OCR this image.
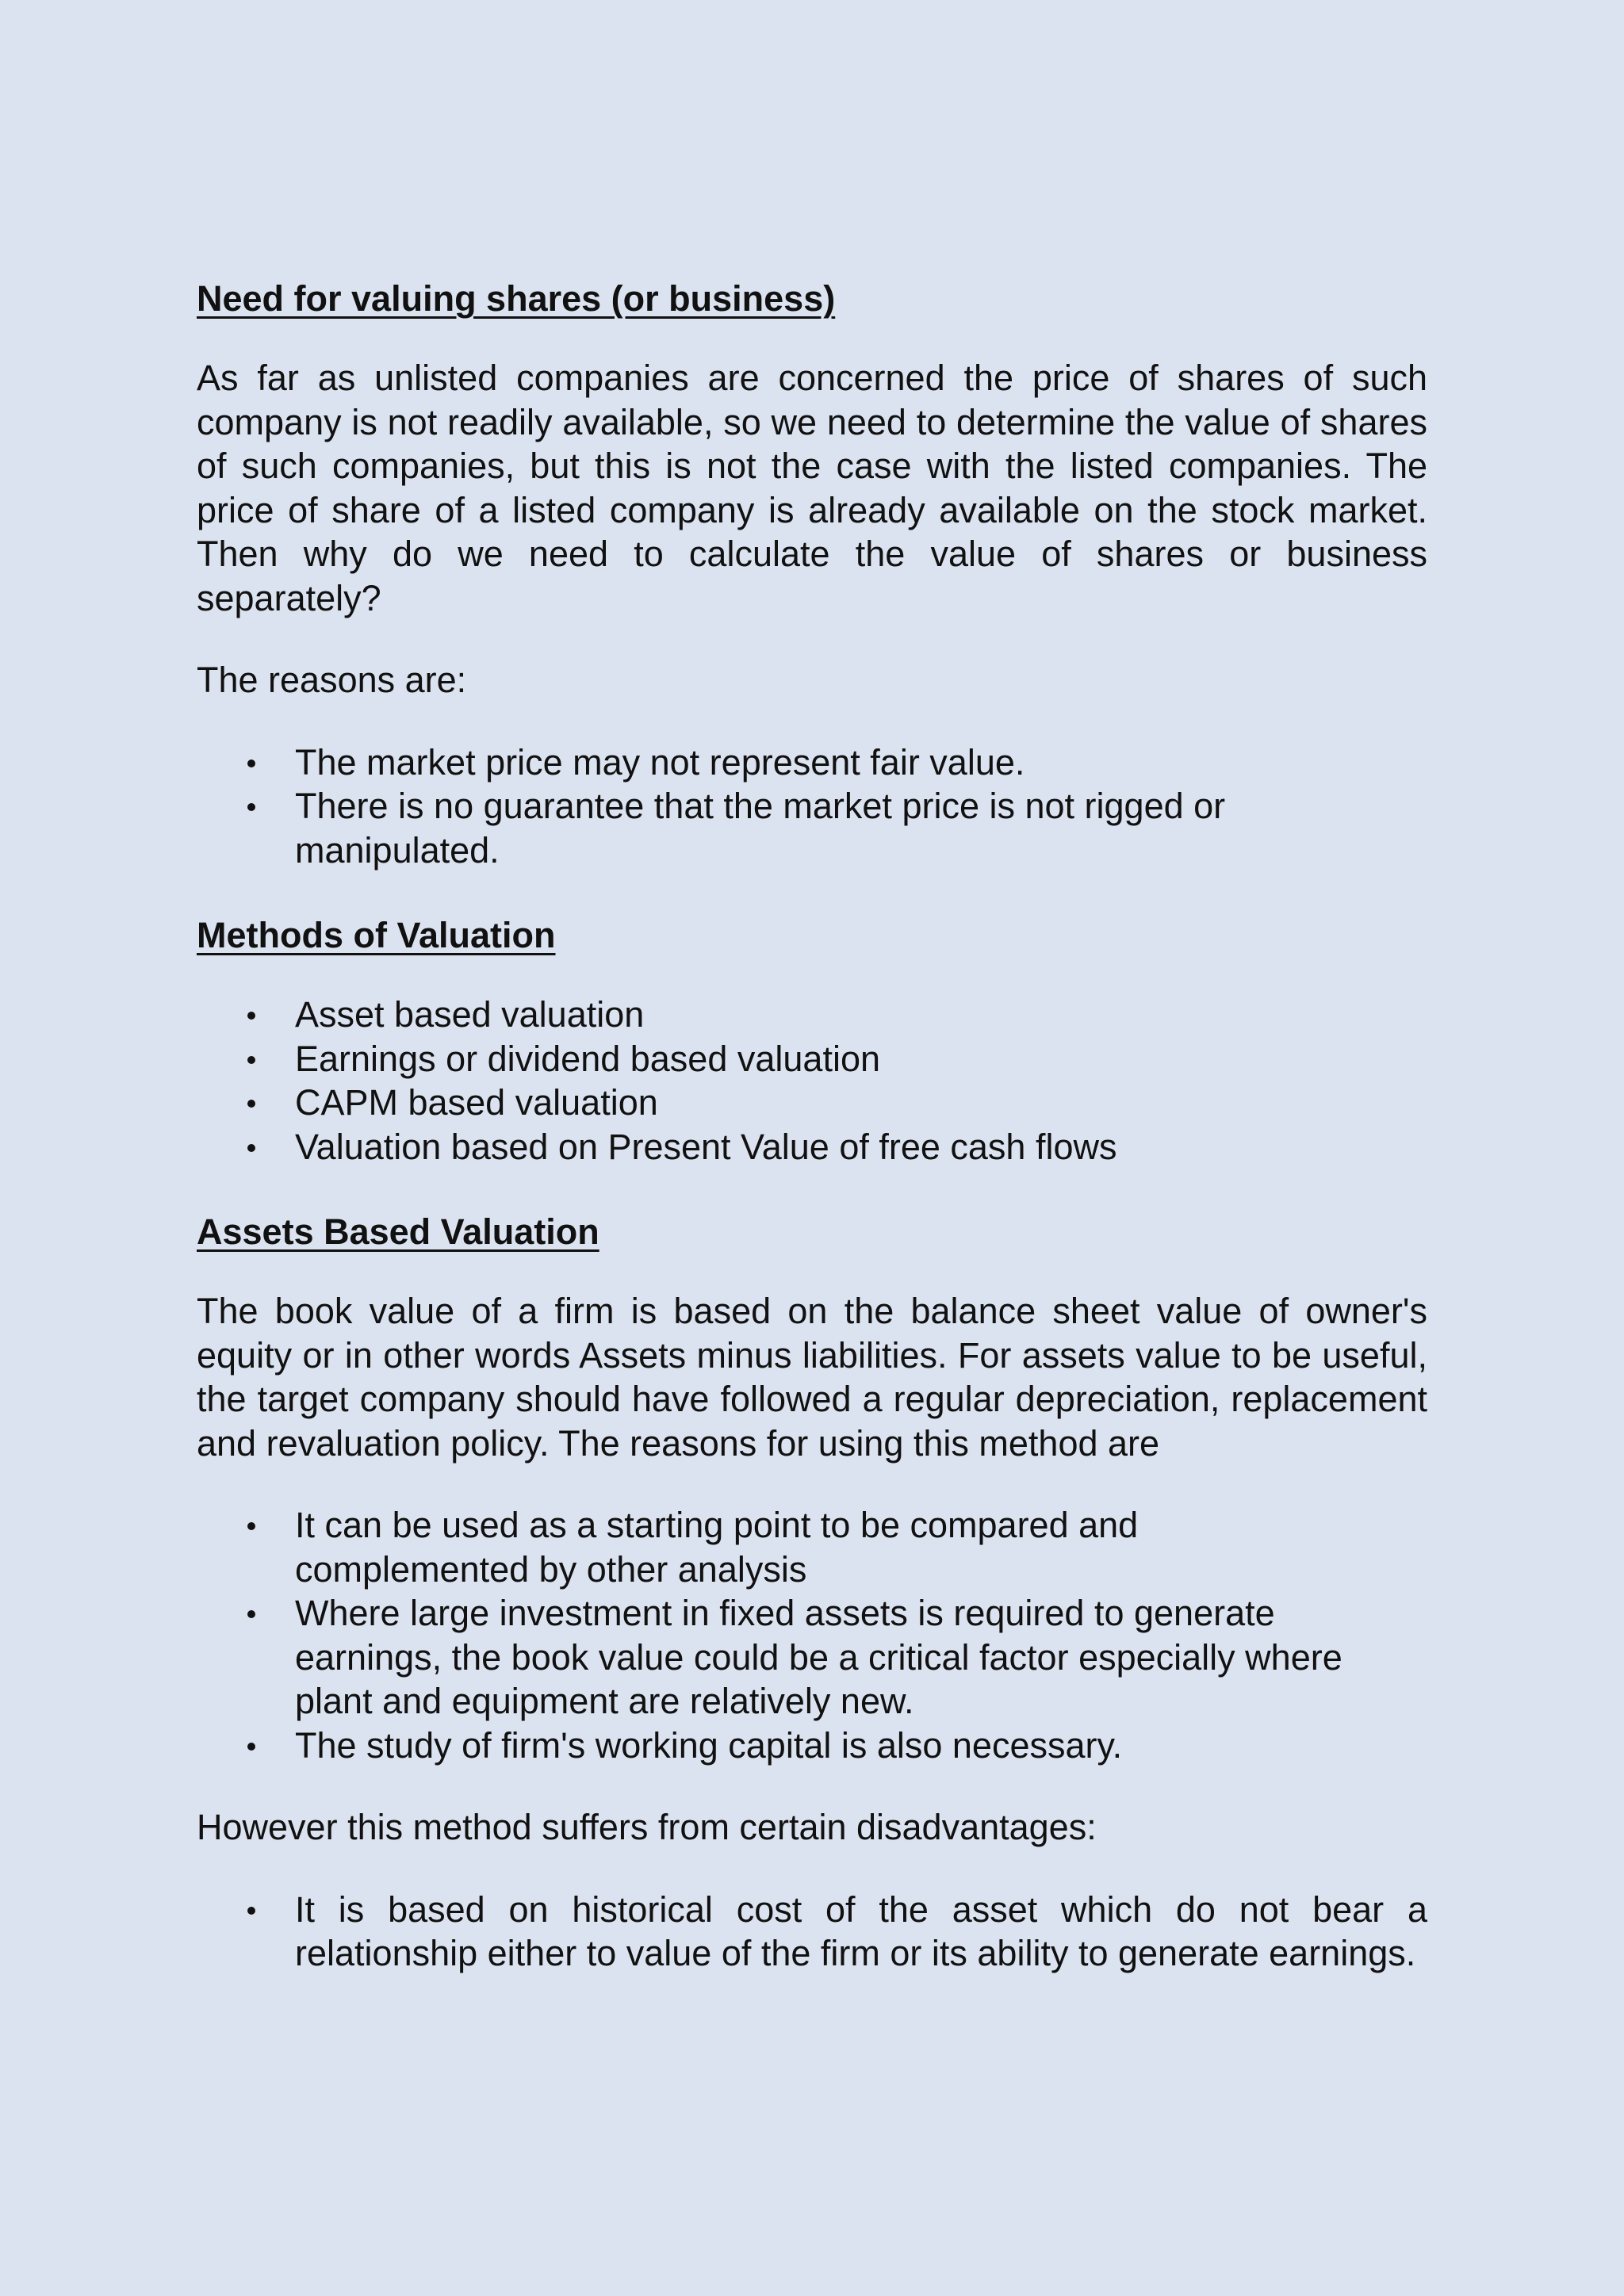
Need for valuing shares (or business)

As far as unlisted companies are concerned the price of shares of such company is not readily available, so we need to determine the value of shares of such companies, but this is not the case with the listed companies. The price of share of a listed company is already available on the stock market. Then why do we need to calculate the value of shares or business separately?

The reasons are:

The market price may not represent fair value.
There is no guarantee that the market price is not rigged or manipulated.
Methods of Valuation
Asset based valuation
Earnings or dividend based valuation
CAPM based valuation
Valuation based on Present Value of free cash flows
Assets Based Valuation

The book value of a firm is based on the balance sheet value of owner's equity or in other words Assets minus liabilities. For assets value to be useful, the target company should have followed a regular depreciation, replacement and revaluation policy. The reasons for using this method are

It can be used as a starting point to be compared and complemented by other analysis
Where large investment in fixed assets is required to generate earnings, the book value could be a critical factor especially where plant and equipment are relatively new.
The study of firm's working capital is also necessary.

However this method suffers from certain disadvantages:

It is based on historical cost of the asset which do not bear a relationship either to value of the firm or its ability to generate earnings.
